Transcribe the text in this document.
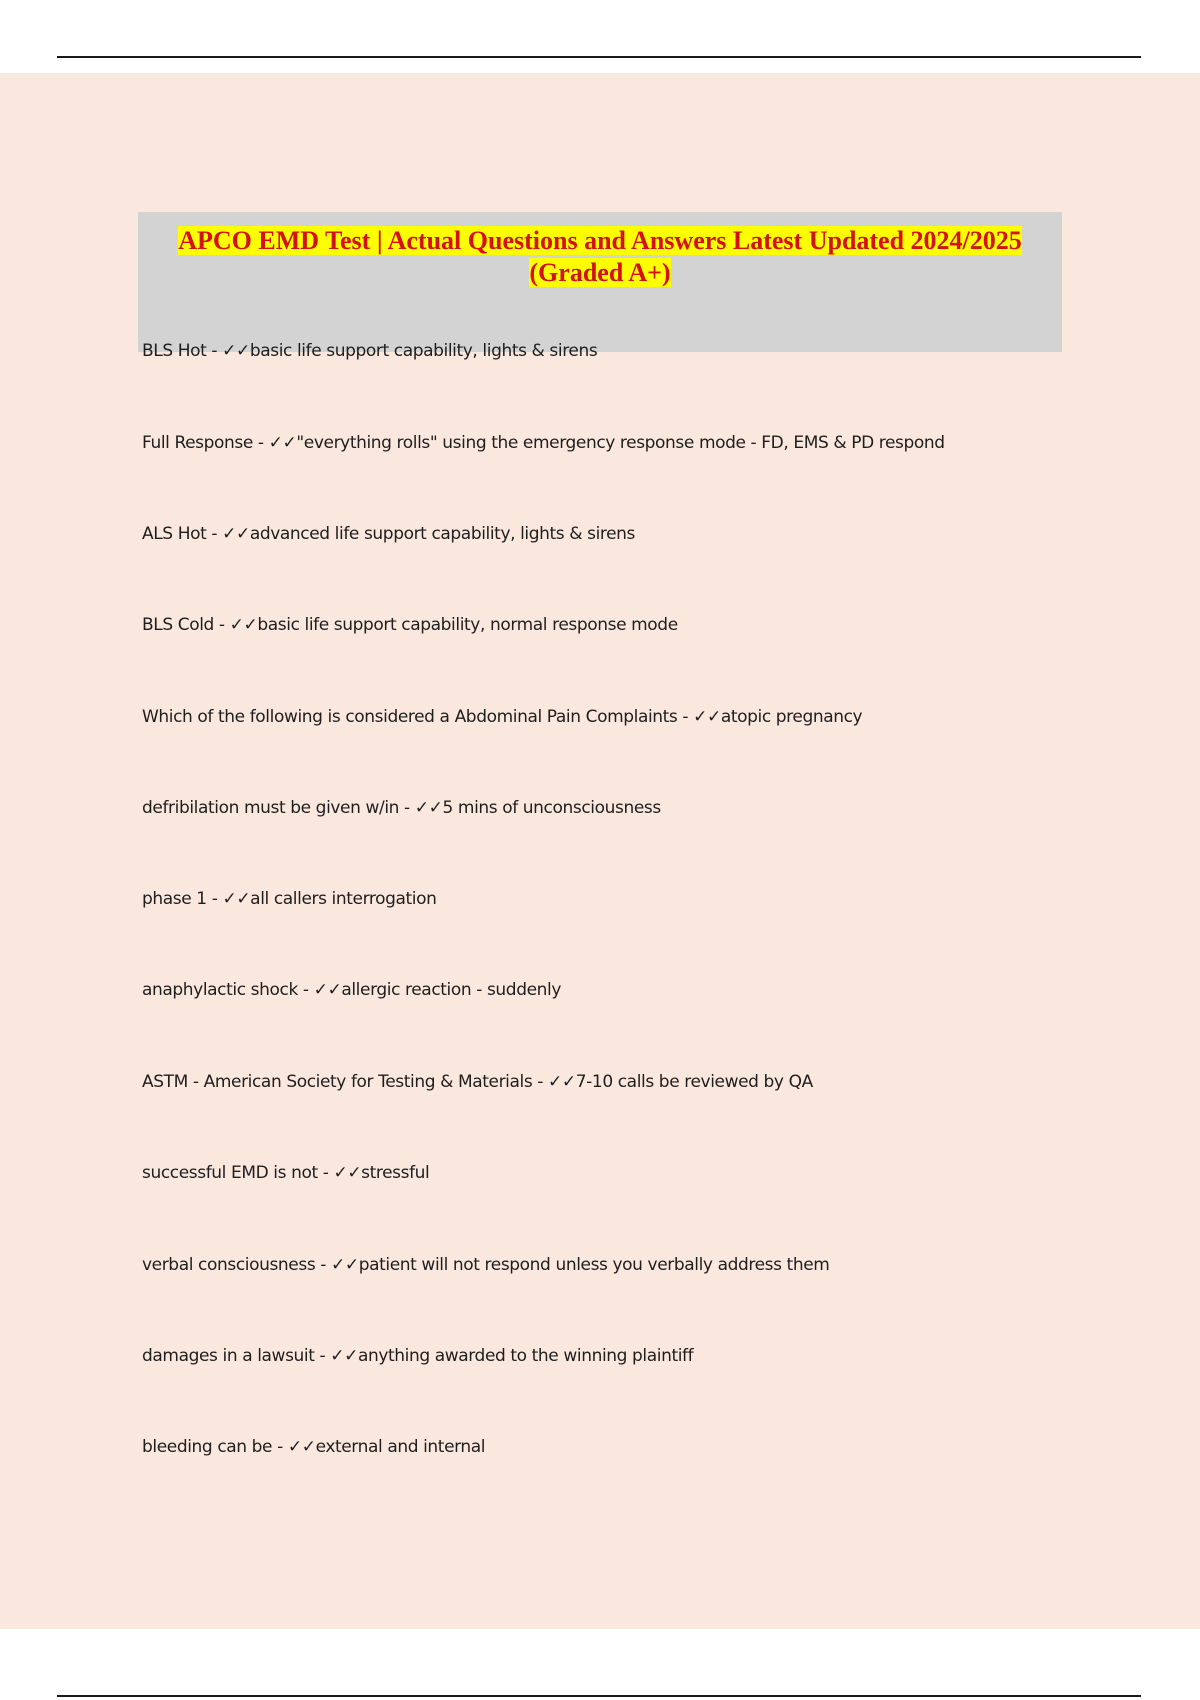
APCO EMD Test | Actual Questions and Answers Latest Updated 2024/2025 (Graded A+)
BLS Hot - ✓✓basic life support capability, lights & sirens
Full Response - ✓✓"everything rolls" using the emergency response mode - FD, EMS & PD respond
ALS Hot - ✓✓advanced life support capability, lights & sirens
BLS Cold - ✓✓basic life support capability, normal response mode
Which of the following is considered a Abdominal Pain Complaints - ✓✓atopic pregnancy
defribilation must be given w/in - ✓✓5 mins of unconsciousness
phase 1 - ✓✓all callers interrogation
anaphylactic shock - ✓✓allergic reaction - suddenly
ASTM - American Society for Testing & Materials - ✓✓7-10 calls be reviewed by QA
successful EMD is not - ✓✓stressful
verbal consciousness - ✓✓patient will not respond unless you verbally address them
damages in a lawsuit - ✓✓anything awarded to the winning plaintiff
bleeding can be - ✓✓external and internal
